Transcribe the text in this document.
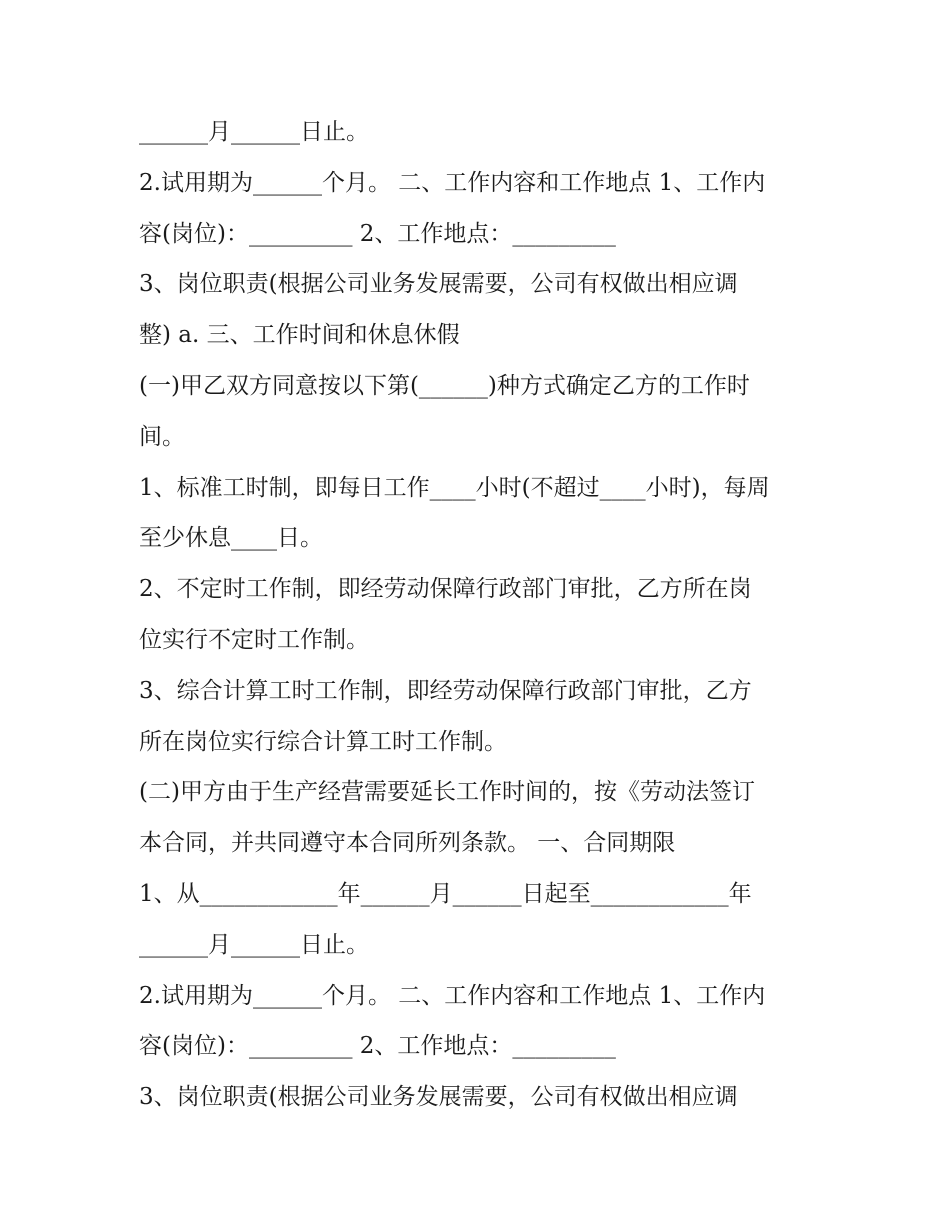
______月______日止。
2.试用期为______个月。 二、工作内容和工作地点 1、工作内
容(岗位)：_________ 2、工作地点：_________
3、岗位职责(根据公司业务发展需要，公司有权做出相应调
整) a. 三、工作时间和休息休假
(一)甲乙双方同意按以下第(______)种方式确定乙方的工作时
间。
1、标准工时制，即每日工作____小时(不超过____小时)，每周
至少休息____日。
2、不定时工作制，即经劳动保障行政部门审批，乙方所在岗
位实行不定时工作制。
3、综合计算工时工作制，即经劳动保障行政部门审批，乙方
所在岗位实行综合计算工时工作制。
(二)甲方由于生产经营需要延长工作时间的，按《劳动法签订
本合同，并共同遵守本合同所列条款。 一、合同期限
1、从____________年______月______日起至____________年
______月______日止。
2.试用期为______个月。 二、工作内容和工作地点 1、工作内
容(岗位)：_________ 2、工作地点：_________
3、岗位职责(根据公司业务发展需要，公司有权做出相应调
